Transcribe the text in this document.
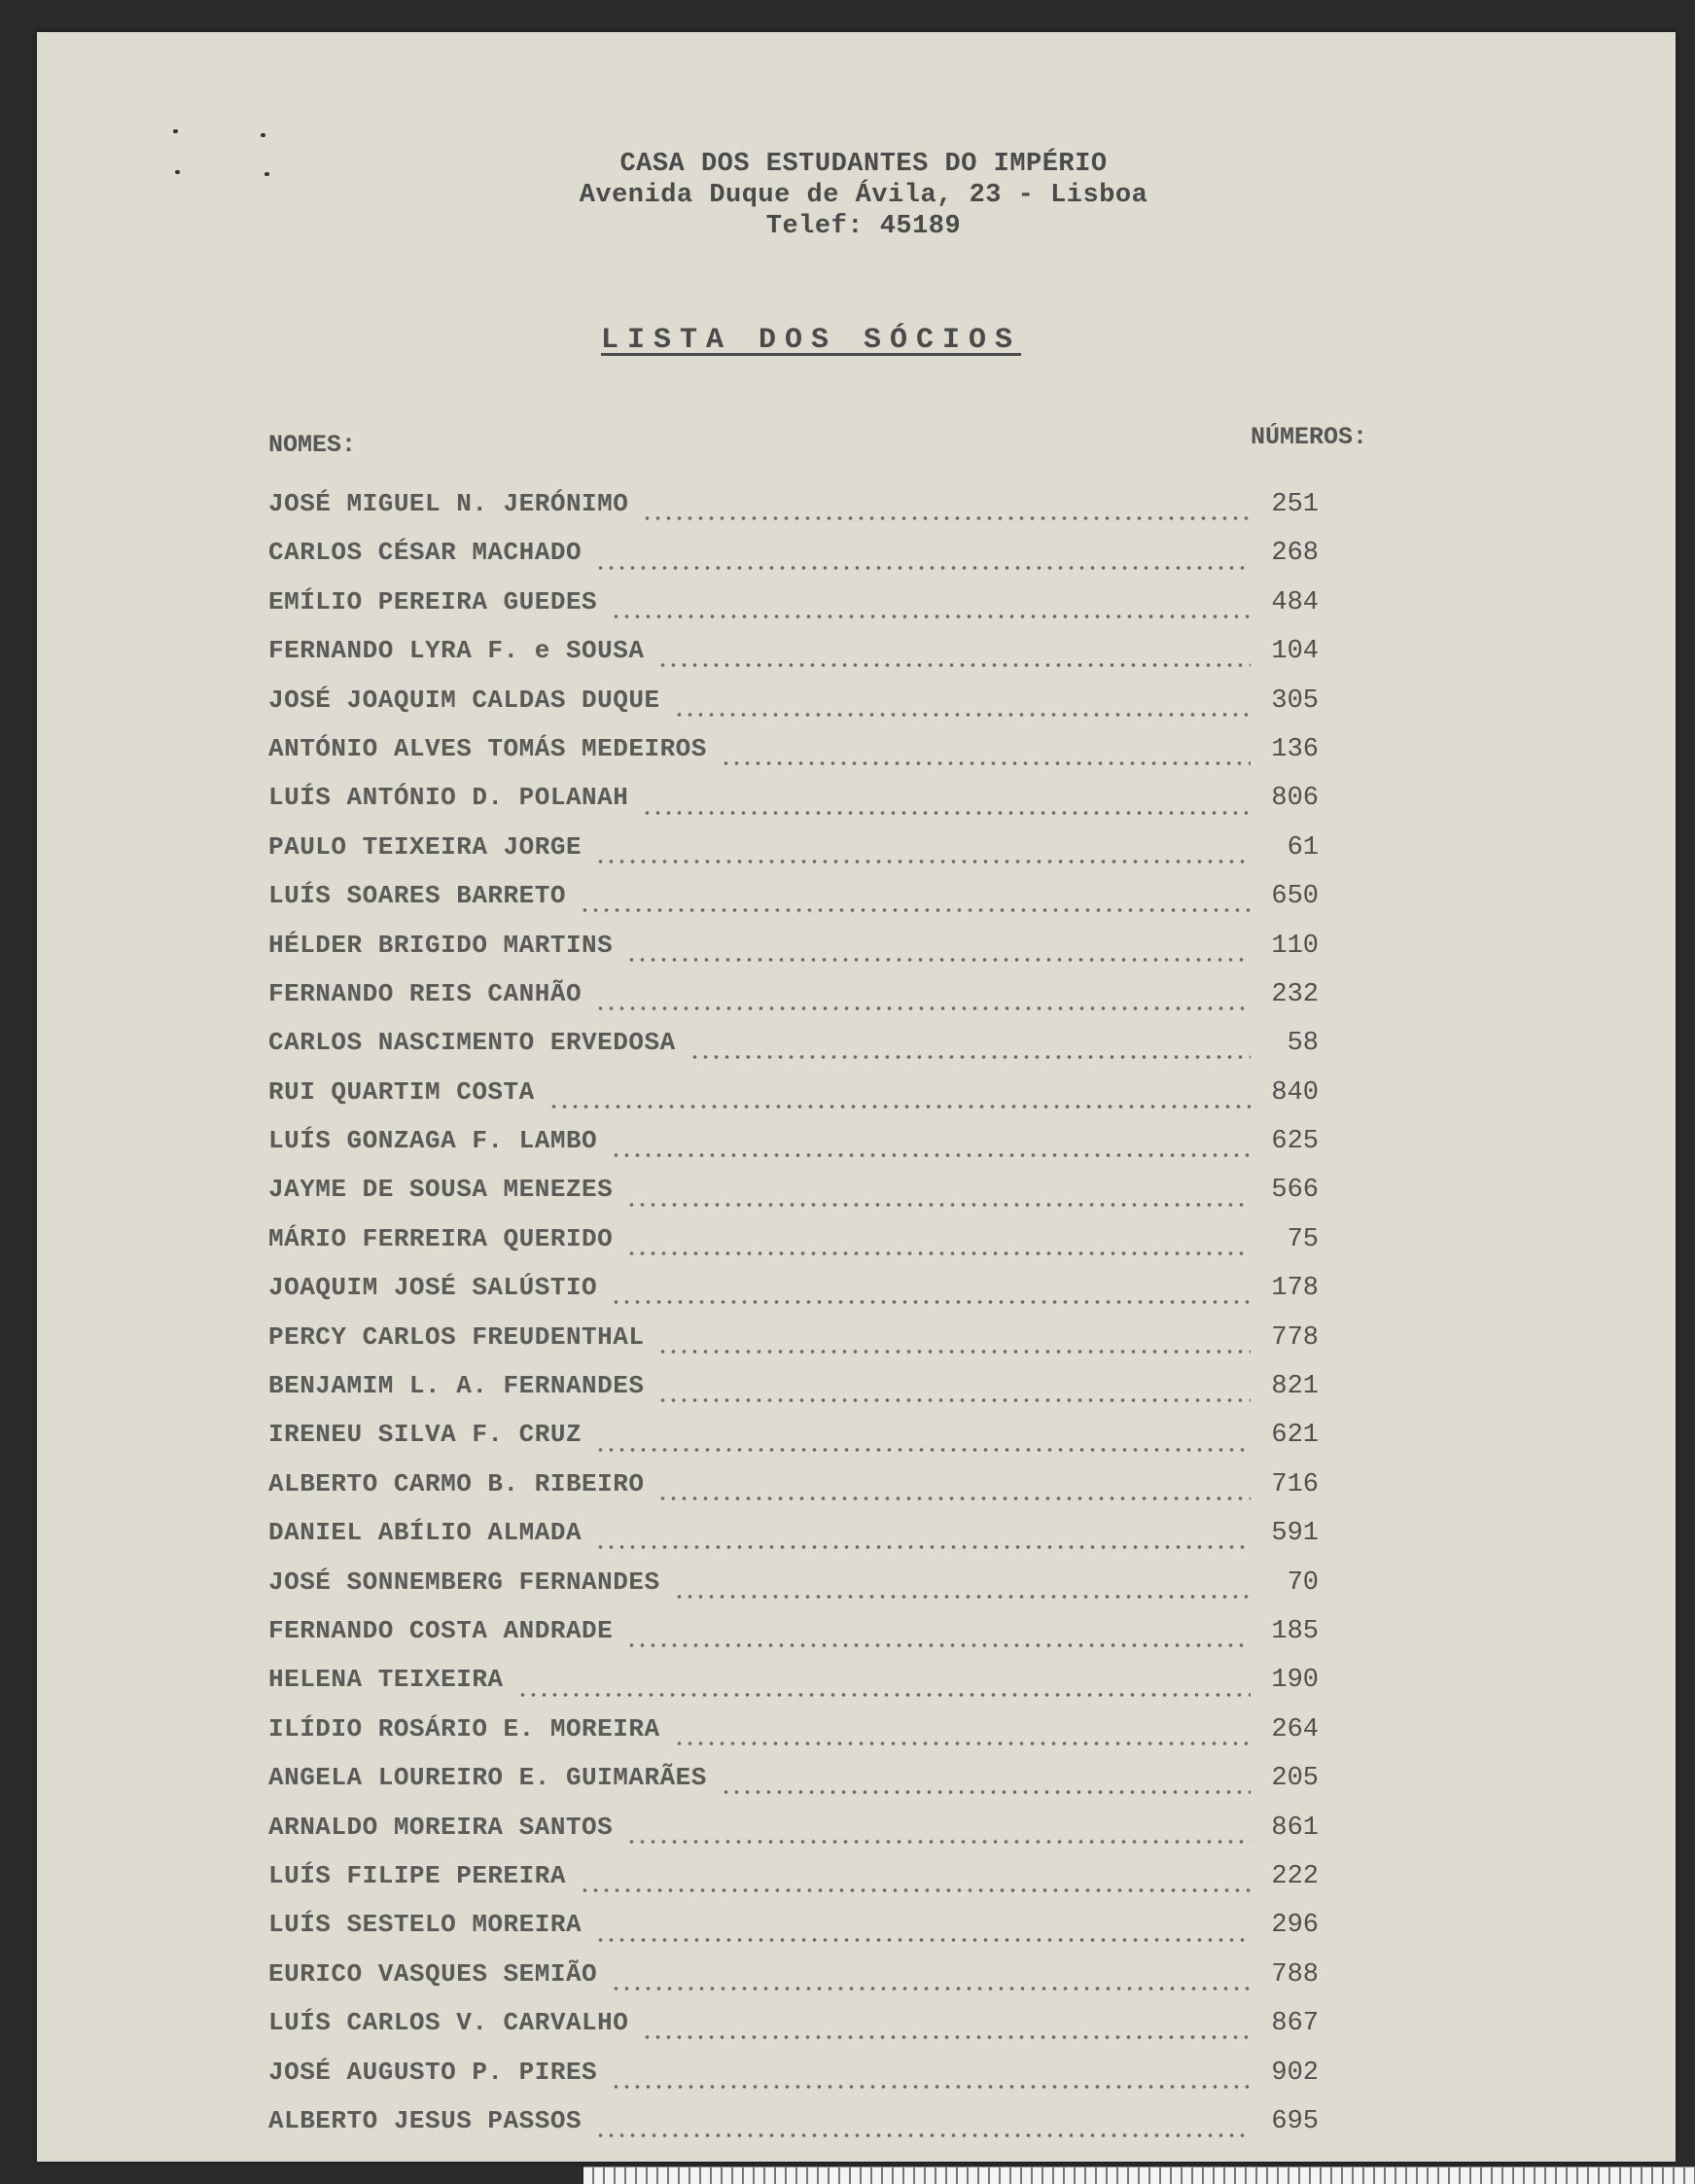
CASA DOS ESTUDANTES DO IMPÉRIO
Avenida Duque de Ávila, 23 - Lisboa
Telef: 45189
LISTA DOS SÓCIOS
NOMES:	NÚMEROS:
JOSÉ MIGUEL N. JERÓNIMO	251
CARLOS CÉSAR MACHADO	268
EMÍLIO PEREIRA GUEDES	484
FERNANDO LYRA F. e SOUSA	104
JOSÉ JOAQUIM CALDAS DUQUE	305
ANTÓNIO ALVES TOMÁS MEDEIROS	136
LUÍS ANTÓNIO D. POLANAH	806
PAULO TEIXEIRA JORGE	61
LUÍS SOARES BARRETO	650
HÉLDER BRIGIDO MARTINS	110
FERNANDO REIS CANHÃO	232
CARLOS NASCIMENTO ERVEDOSA	58
RUI QUARTIM COSTA	840
LUÍS GONZAGA F. LAMBO	625
JAYME DE SOUSA MENEZES	566
MÁRIO FERREIRA QUERIDO	75
JOAQUIM JOSÉ SALÚSTIO	178
PERCY CARLOS FREUDENTHAL	778
BENJAMIM L. A. FERNANDES	821
IRENEU SILVA F. CRUZ	621
ALBERTO CARMO B. RIBEIRO	716
DANIEL ABÍLIO ALMADA	591
JOSÉ SONNEMBERG FERNANDES	70
FERNANDO COSTA ANDRADE	185
HELENA TEIXEIRA	190
ILÍDIO ROSÁRIO E. MOREIRA	264
ANGELA LOUREIRO E. GUIMARÃES	205
ARNALDO MOREIRA SANTOS	861
LUÍS FILIPE PEREIRA	222
LUÍS SESTELO MOREIRA	296
EURICO VASQUES SEMIÃO	788
LUÍS CARLOS V. CARVALHO	867
JOSÉ AUGUSTO P. PIRES	902
ALBERTO JESUS PASSOS	695
